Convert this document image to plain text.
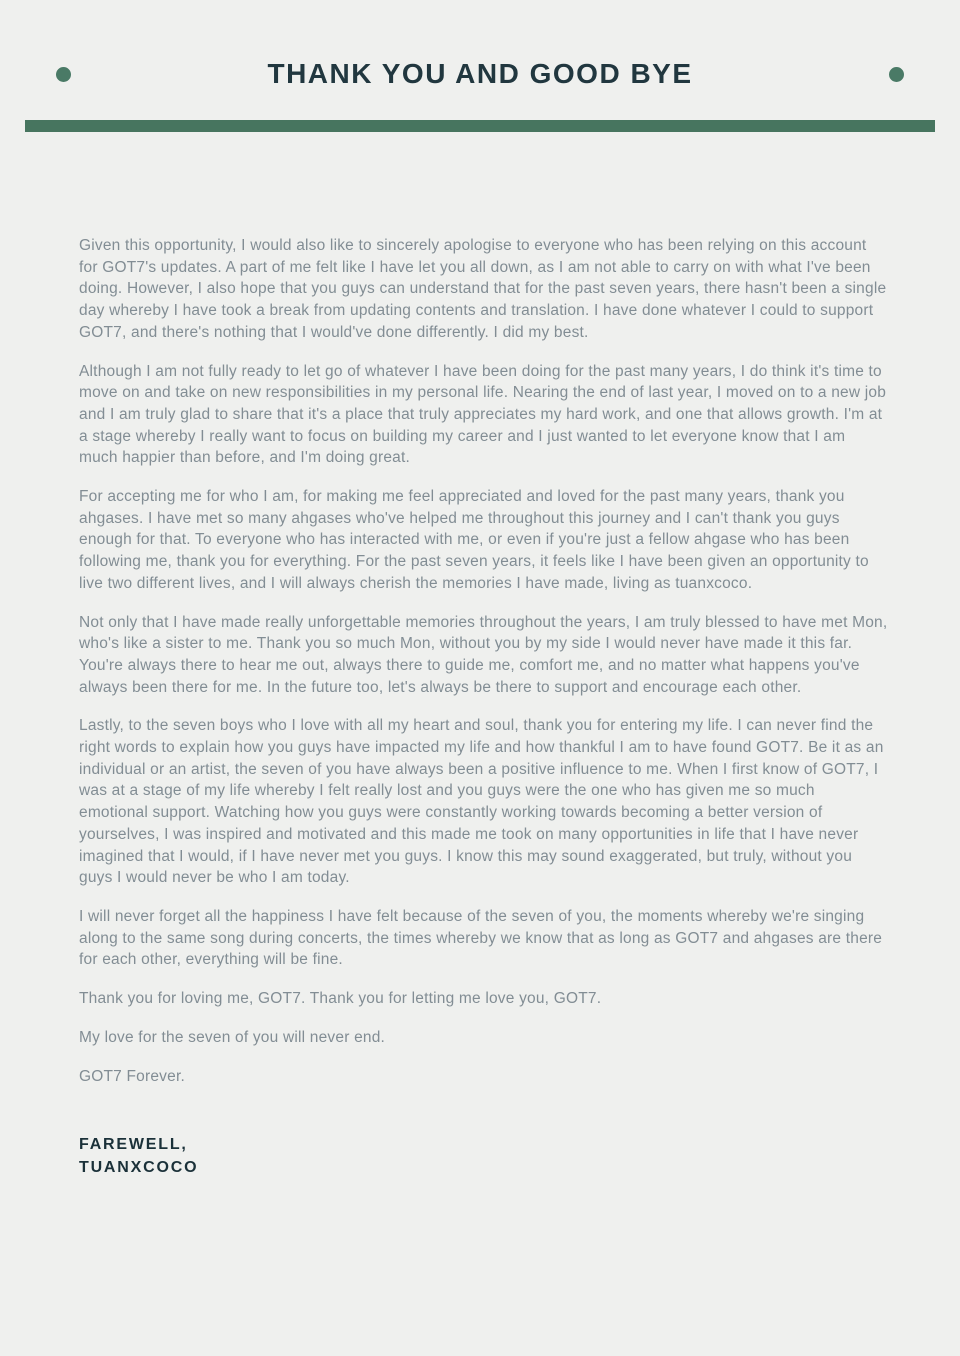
THANK YOU AND GOOD BYE

Given this opportunity, I would also like to sincerely apologise to everyone who has been relying on this account for GOT7's updates. A part of me felt like I have let you all down, as I am not able to carry on with what I've been doing. However, I also hope that you guys can understand that for the past seven years, there hasn't been a single day whereby I have took a break from updating contents and translation. I have done whatever I could to support GOT7, and there's nothing that I would've done differently. I did my best.

Although I am not fully ready to let go of whatever I have been doing for the past many years, I do think it's time to move on and take on new responsibilities in my personal life. Nearing the end of last year, I moved on to a new job and I am truly glad to share that it's a place that truly appreciates my hard work, and one that allows growth. I'm at a stage whereby I really want to focus on building my career and I just wanted to let everyone know that I am much happier than before, and I'm doing great.

For accepting me for who I am, for making me feel appreciated and loved for the past many years, thank you ahgases. I have met so many ahgases who've helped me throughout this journey and I can't thank you guys enough for that. To everyone who has interacted with me, or even if you're just a fellow ahgase who has been following me, thank you for everything. For the past seven years, it feels like I have been given an opportunity to live two different lives, and I will always cherish the memories I have made, living as tuanxcoco.

Not only that I have made really unforgettable memories throughout the years, I am truly blessed to have met Mon, who's like a sister to me. Thank you so much Mon, without you by my side I would never have made it this far. You're always there to hear me out, always there to guide me, comfort me, and no matter what happens you've always been there for me. In the future too, let's always be there to support and encourage each other.

Lastly, to the seven boys who I love with all my heart and soul, thank you for entering my life. I can never find the right words to explain how you guys have impacted my life and how thankful I am to have found GOT7. Be it as an individual or an artist, the seven of you have always been a positive influence to me. When I first know of GOT7, I was at a stage of my life whereby I felt really lost and you guys were the one who has given me so much emotional support. Watching how you guys were constantly working towards becoming a better version of yourselves, I was inspired and motivated and this made me took on many opportunities in life that I have never imagined that I would, if I have never met you guys. I know this may sound exaggerated, but truly, without you guys I would never be who I am today.

I will never forget all the happiness I have felt because of the seven of you, the moments whereby we're singing along to the same song during concerts, the times whereby we know that as long as GOT7 and ahgases are there for each other, everything will be fine.

Thank you for loving me, GOT7. Thank you for letting me love you, GOT7.

My love for the seven of you will never end.

GOT7 Forever.

FAREWELL,
TUANXCOCO
